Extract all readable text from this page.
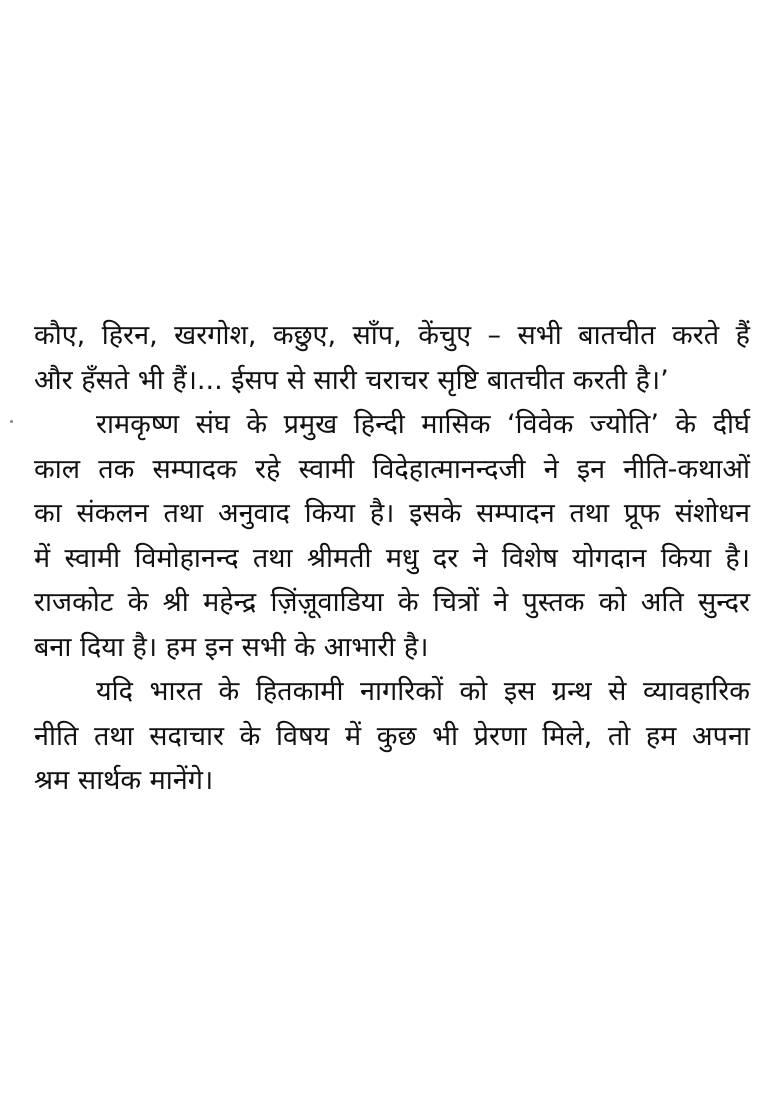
कौए, हिरन, खरगोश, कछुए, साँप, केंचुए – सभी बातचीत करते हैं
और हँसते भी हैं।... ईसप से सारी चराचर सृष्टि बातचीत करती है।’
रामकृष्ण संघ के प्रमुख हिन्दी मासिक ‘विवेक ज्योति’ के दीर्घ
काल तक सम्पादक रहे स्वामी विदेहात्मानन्दजी ने इन नीति-कथाओं
का संकलन तथा अनुवाद किया है। इसके सम्पादन तथा प्रूफ संशोधन
में स्वामी विमोहानन्द तथा श्रीमती मधु दर ने विशेष योगदान किया है।
राजकोट के श्री महेन्द्र ज़िंज़ूवाडिया के चित्रों ने पुस्तक को अति सुन्दर
बना दिया है। हम इन सभी के आभारी है।
यदि भारत के हितकामी नागरिकों को इस ग्रन्थ से व्यावहारिक
नीति तथा सदाचार के विषय में कुछ भी प्रेरणा मिले, तो हम अपना
श्रम सार्थक मानेंगे।
